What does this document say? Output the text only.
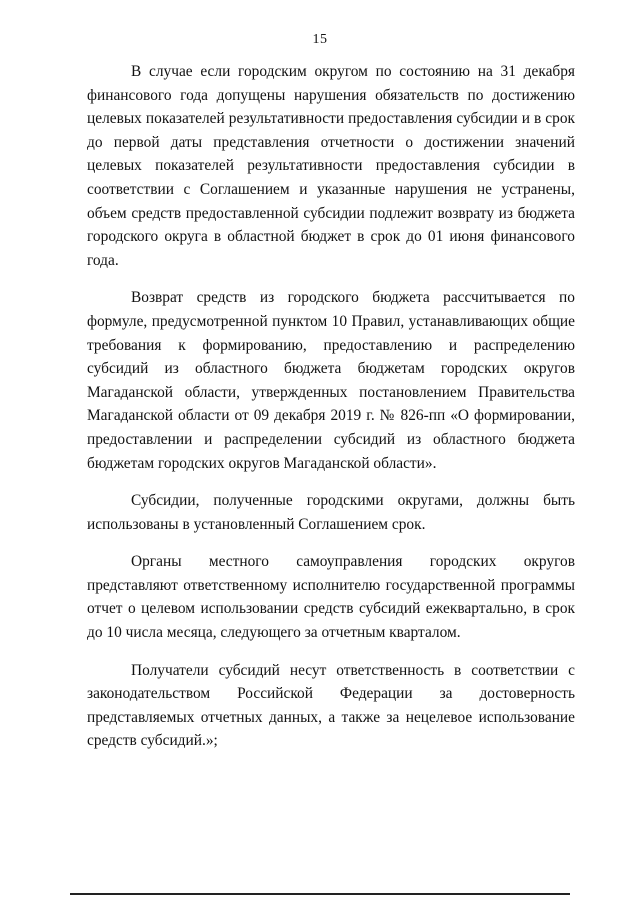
15

В случае если городским округом по состоянию на 31 декабря финансового года допущены нарушения обязательств по достижению целевых показателей результативности предоставления субсидии и в срок до первой даты представления отчетности о достижении значений целевых показателей результативности предоставления субсидии в соответствии с Соглашением и указанные нарушения не устранены, объем средств предоставленной субсидии подлежит возврату из бюджета городского округа в областной бюджет в срок до 01 июня финансового года.

Возврат средств из городского бюджета рассчитывается по формуле, предусмотренной пунктом 10 Правил, устанавливающих общие требования к формированию, предоставлению и распределению субсидий из областного бюджета бюджетам городских округов Магаданской области, утвержденных постановлением Правительства Магаданской области от 09 декабря 2019 г. № 826-пп «О формировании, предоставлении и распределении субсидий из областного бюджета бюджетам городских округов Магаданской области».

Субсидии, полученные городскими округами, должны быть использованы в установленный Соглашением срок.

Органы местного самоуправления городских округов представляют ответственному исполнителю государственной программы отчет о целевом использовании средств субсидий ежеквартально, в срок до 10 числа месяца, следующего за отчетным кварталом.

Получатели субсидий несут ответственность в соответствии с законодательством Российской Федерации за достоверность представляемых отчетных данных, а также за нецелевое использование средств субсидий.»;
